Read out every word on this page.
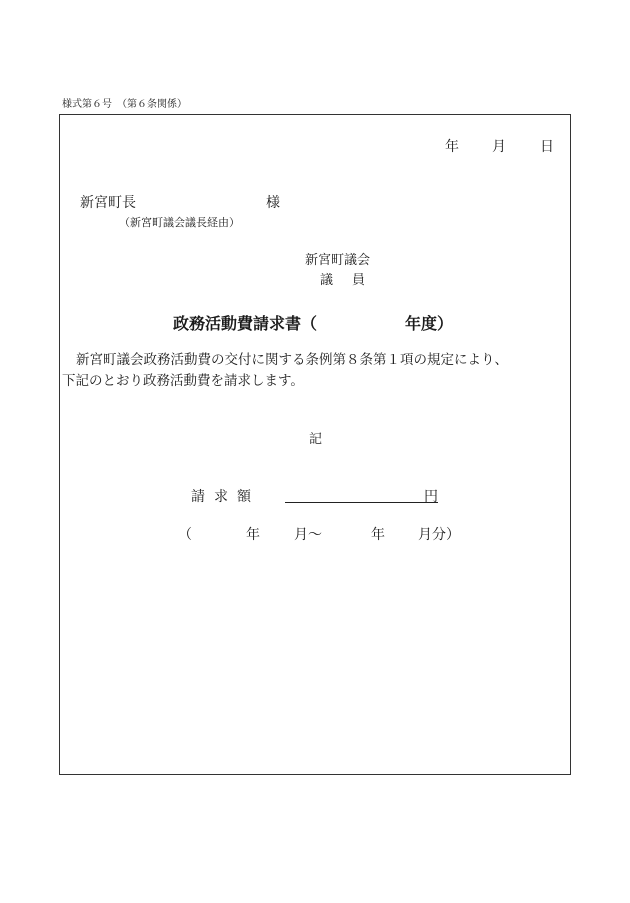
様式第６号　（第６条関係）
年 月 日
新宮町長	様
（新宮町議会議長経由）
新宮町議会
議　員
政務活動費請求書（	年度）
新宮町議会政務活動費の交付に関する条例第８条第１項の規定により、
下記のとおり政務活動費を請求します。
記
請求額	円
（	年 月～	年 月分）
